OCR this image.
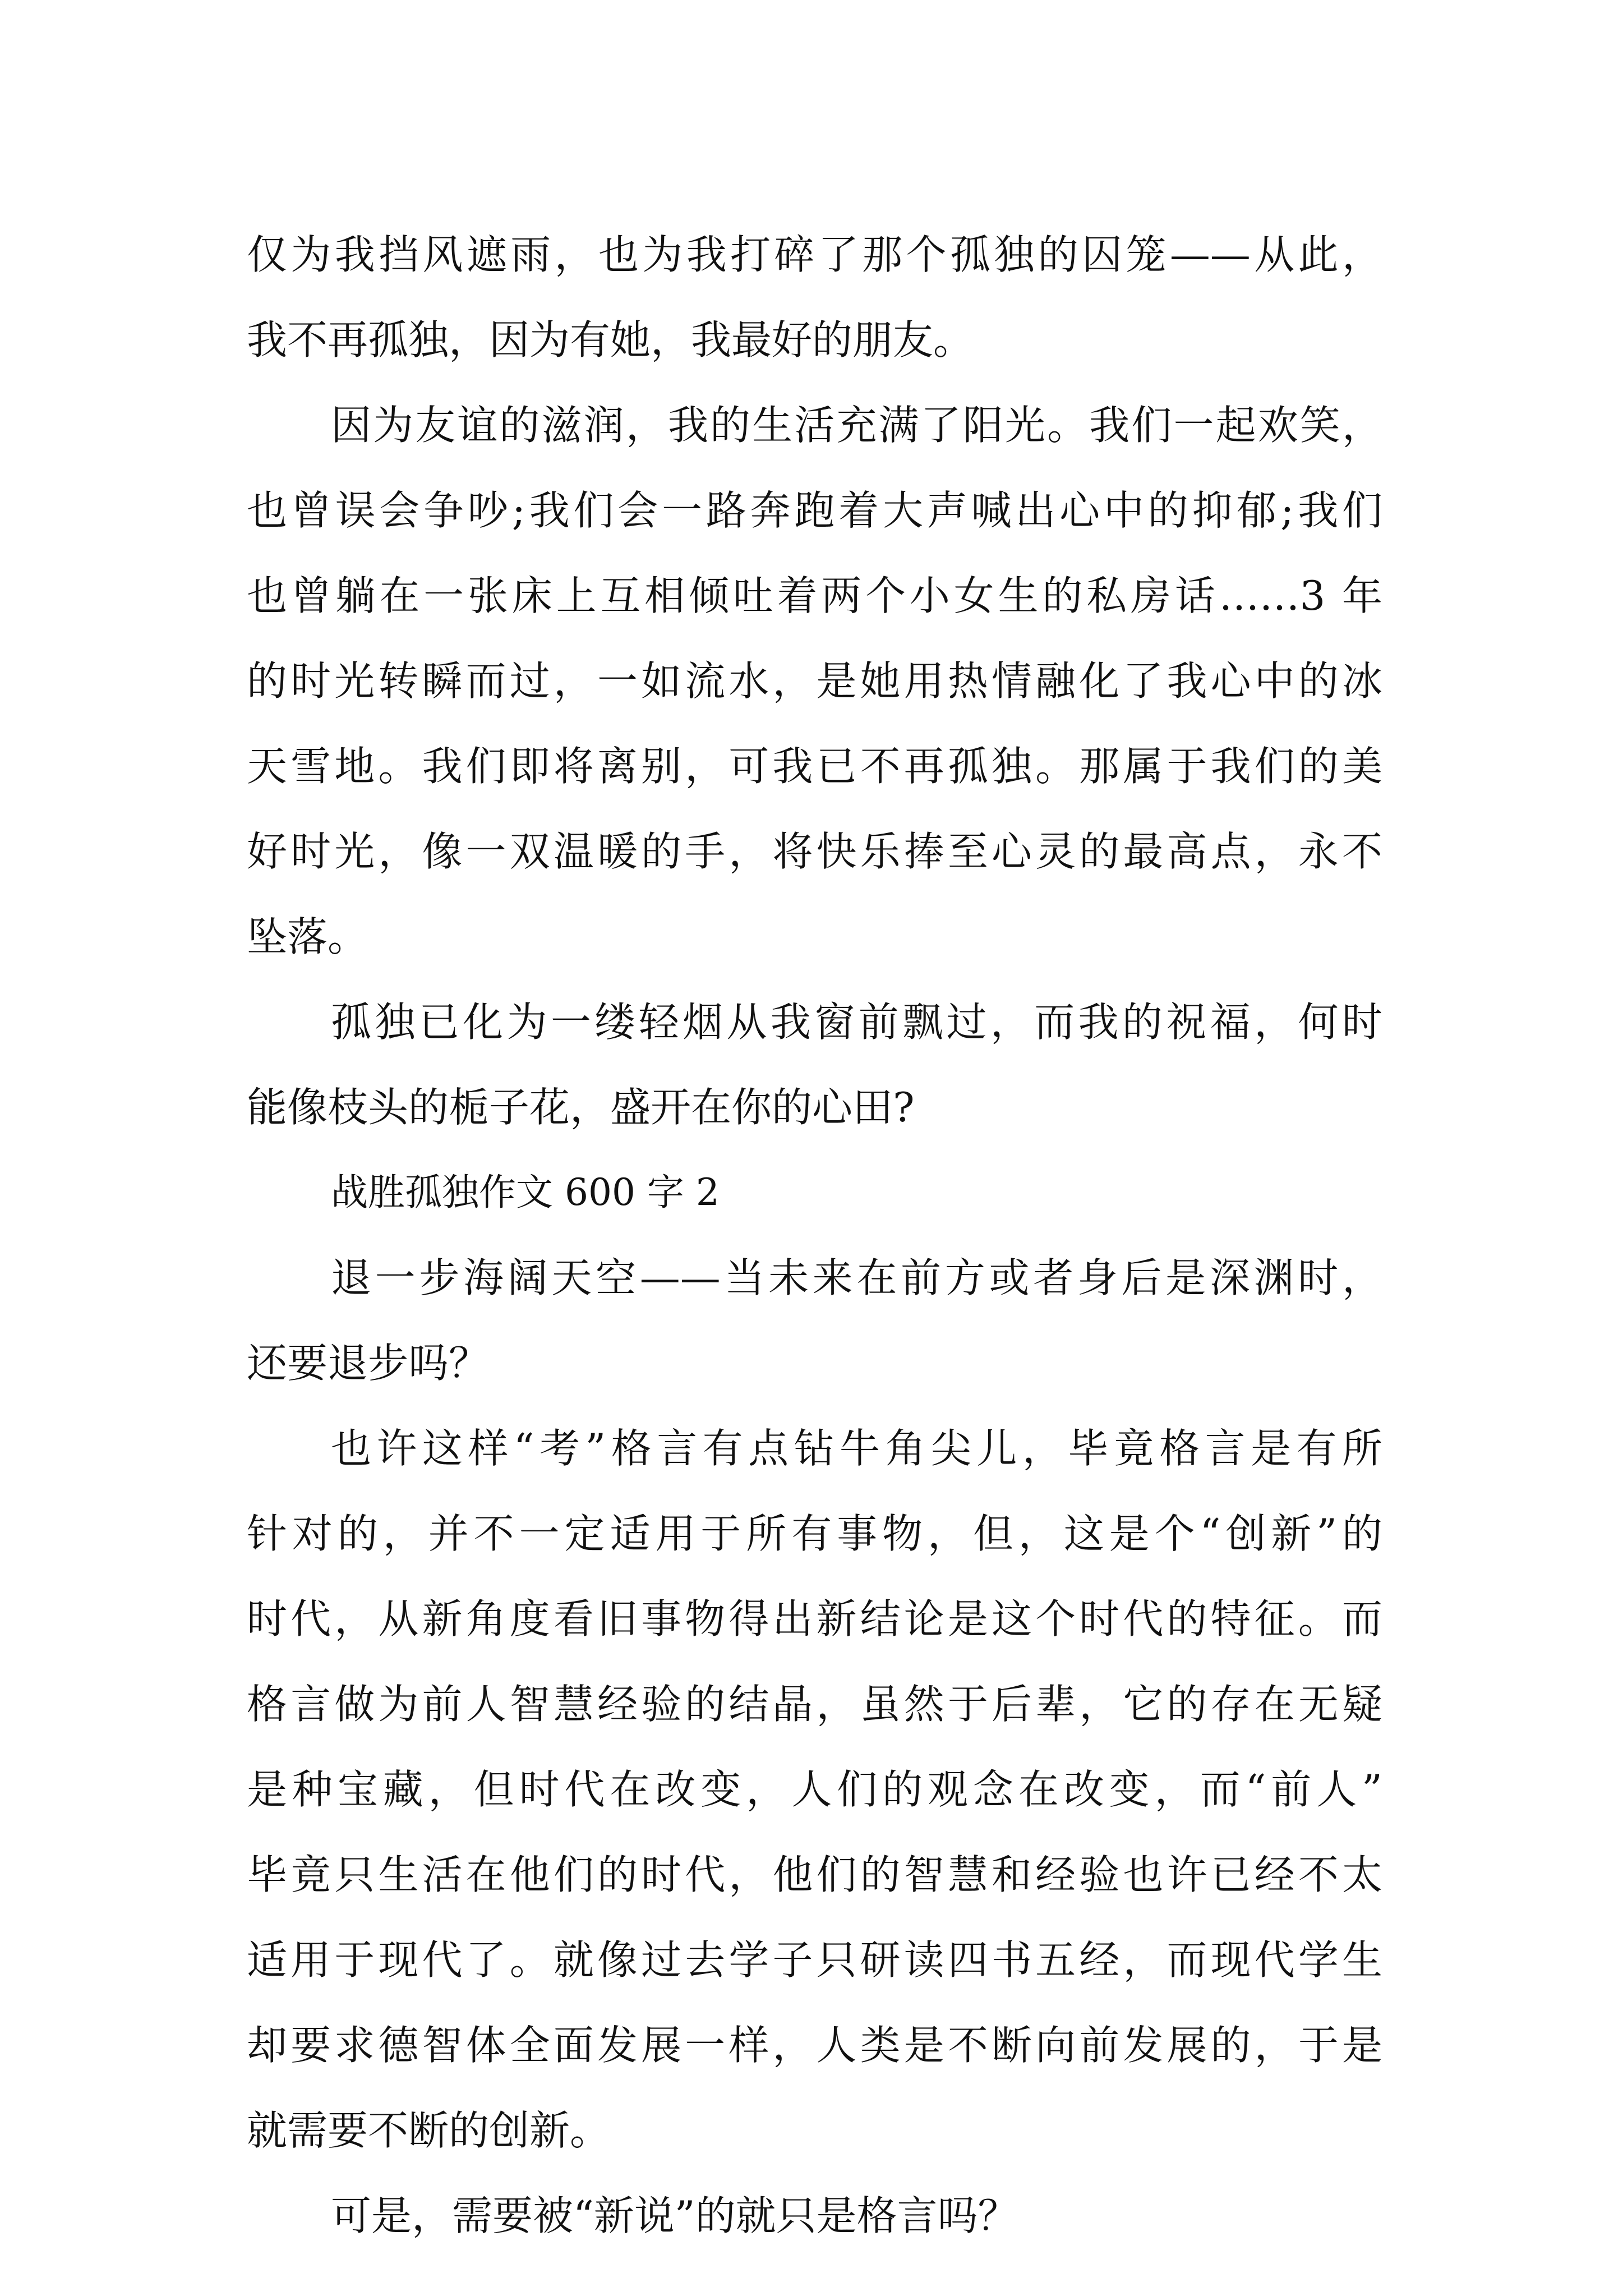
仅为我挡风遮雨，也为我打碎了那个孤独的囚笼——从此，
我不再孤独，因为有她，我最好的朋友。
因为友谊的滋润，我的生活充满了阳光。我们一起欢笑，
也曾误会争吵;我们会一路奔跑着大声喊出心中的抑郁;我们
也曾躺在一张床上互相倾吐着两个小女生的私房话……3 年
的时光转瞬而过，一如流水，是她用热情融化了我心中的冰
天雪地。我们即将离别，可我已不再孤独。那属于我们的美
好时光，像一双温暖的手，将快乐捧至心灵的最高点，永不
坠落。
孤独已化为一缕轻烟从我窗前飘过，而我的祝福，何时
能像枝头的栀子花，盛开在你的心田?
战胜孤独作文 600 字 2
退一步海阔天空——当未来在前方或者身后是深渊时，
还要退步吗？
也许这样“考”格言有点钻牛角尖儿，毕竟格言是有所
针对的，并不一定适用于所有事物，但，这是个“创新”的
时代，从新角度看旧事物得出新结论是这个时代的特征。而
格言做为前人智慧经验的结晶，虽然于后辈，它的存在无疑
是种宝藏，但时代在改变，人们的观念在改变，而“前人”
毕竟只生活在他们的时代，他们的智慧和经验也许已经不太
适用于现代了。就像过去学子只研读四书五经，而现代学生
却要求德智体全面发展一样，人类是不断向前发展的，于是
就需要不断的创新。
可是，需要被“新说”的就只是格言吗？
